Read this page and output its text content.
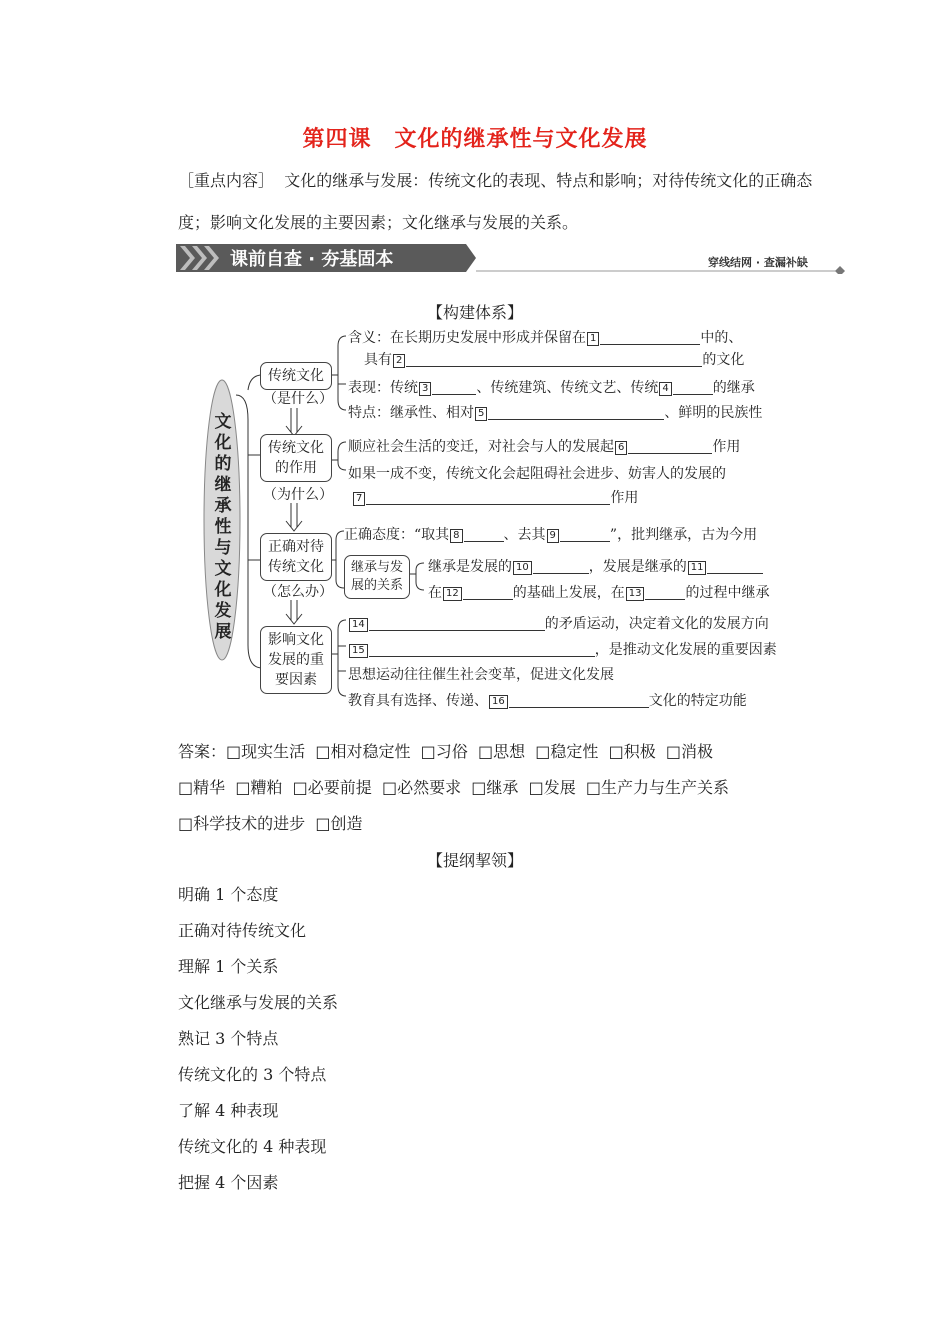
第四课　文化的继承性与文化发展
［重点内容］ 文化的继承与发展：传统文化的表现、特点和影响；对待传统文化的正确态度；影响文化发展的主要因素；文化继承与发展的关系。
课前自查 · 夯基固本	穿线结网 · 查漏补缺
【构建体系】
文化的继承性与文化发展
传统文化
（是什么）
传统文化的作用
（为什么）
正确对待传统文化
（怎么办）
影响文化发展的重要因素
继承与发展的关系
含义：在长期历史发展中形成并保留在 1	中的、
具有 2	的文化
表现：传统 3	、传统建筑、传统文艺、传统 4	的继承
特点：继承性、相对 5	、鲜明的民族性
顺应社会生活的变迁，对社会与人的发展起 6	作用
如果一成不变，传统文化会起阻碍社会进步、妨害人的发展的
7	作用
正确态度：“取其 8	、去其 9	”，批判继承，古为今用
继承是发展的 10	，发展是继承的 11
在 12	的基础上发展，在 13	的过程中继承
14	的矛盾运动，决定着文化的发展方向
15	，是推动文化发展的重要因素
思想运动往往催生社会变革，促进文化发展
教育具有选择、传递、 16	文化的特定功能
答案：□现实生活 □相对稳定性 □习俗 □思想 □稳定性 □积极 □消极
□精华 □糟粕 □必要前提 □必然要求 □继承 □发展 □生产力与生产关系
□科学技术的进步 □创造
【提纲挈领】
明确 1 个态度
正确对待传统文化
理解 1 个关系
文化继承与发展的关系
熟记 3 个特点
传统文化的 3 个特点
了解 4 种表现
传统文化的 4 种表现
把握 4 个因素
